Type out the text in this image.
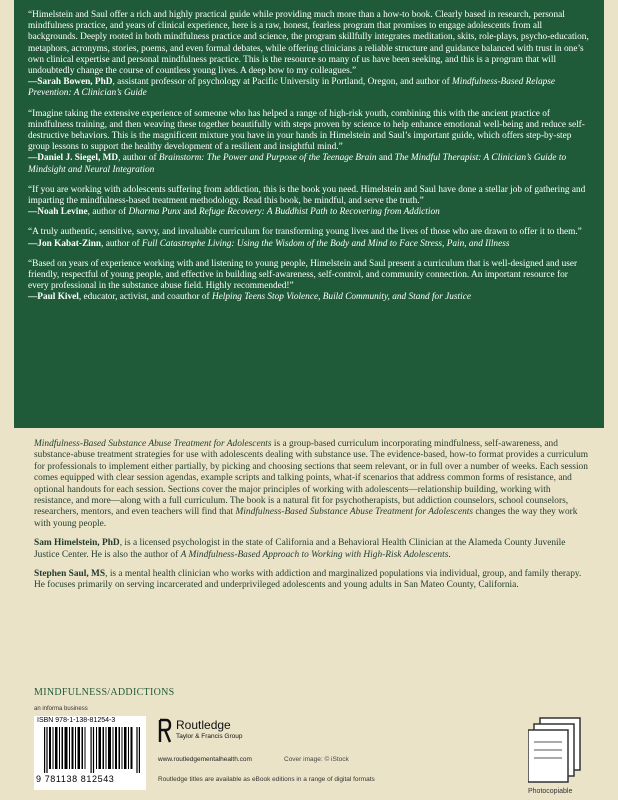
“Himelstein and Saul offer a rich and highly practical guide while providing much more than a how-to book. Clearly based in research, personal mindfulness practice, and years of clinical experience, here is a raw, honest, fearless program that promises to engage adolescents from all backgrounds. Deeply rooted in both mindfulness practice and science, the program skillfully integrates meditation, skits, role-plays, psycho-education, metaphors, acronyms, stories, poems, and even formal debates, while offering clinicians a reliable structure and guidance balanced with trust in one’s own clinical expertise and personal mindfulness practice. This is the resource so many of us have been seeking, and this is a program that will undoubtedly change the course of countless young lives. A deep bow to my colleagues.”
—Sarah Bowen, PhD, assistant professor of psychology at Pacific University in Portland, Oregon, and author of Mindfulness-Based Relapse Prevention: A Clinician’s Guide
“Imagine taking the extensive experience of someone who has helped a range of high-risk youth, combining this with the ancient practice of mindfulness training, and then weaving these together beautifully with steps proven by science to help enhance emotional well-being and reduce self-destructive behaviors. This is the magnificent mixture you have in your hands in Himelstein and Saul’s important guide, which offers step-by-step group lessons to support the healthy development of a resilient and insightful mind.”
—Daniel J. Siegel, MD, author of Brainstorm: The Power and Purpose of the Teenage Brain and The Mindful Therapist: A Clinician’s Guide to Mindsight and Neural Integration
“If you are working with adolescents suffering from addiction, this is the book you need. Himelstein and Saul have done a stellar job of gathering and imparting the mindfulness-based treatment methodology. Read this book, be mindful, and serve the truth.”
—Noah Levine, author of Dharma Punx and Refuge Recovery: A Buddhist Path to Recovering from Addiction
“A truly authentic, sensitive, savvy, and invaluable curriculum for transforming young lives and the lives of those who are drawn to offer it to them.”
—Jon Kabat-Zinn, author of Full Catastrophe Living: Using the Wisdom of the Body and Mind to Face Stress, Pain, and Illness
“Based on years of experience working with and listening to young people, Himelstein and Saul present a curriculum that is well-designed and user friendly, respectful of young people, and effective in building self-awareness, self-control, and community connection. An important resource for every professional in the substance abuse field. Highly recommended!”
—Paul Kivel, educator, activist, and coauthor of Helping Teens Stop Violence, Build Community, and Stand for Justice

Mindfulness-Based Substance Abuse Treatment for Adolescents is a group-based curriculum incorporating mindfulness, self-awareness, and substance-abuse treatment strategies for use with adolescents dealing with substance use. The evidence-based, how-to format provides a curriculum for professionals to implement either partially, by picking and choosing sections that seem relevant, or in full over a number of weeks. Each session comes equipped with clear session agendas, example scripts and talking points, what-if scenarios that address common forms of resistance, and optional handouts for each session. Sections cover the major principles of working with adolescents—relationship building, working with resistance, and more—along with a full curriculum. The book is a natural fit for psychotherapists, but addiction counselors, school counselors, researchers, mentors, and even teachers will find that Mindfulness-Based Substance Abuse Treatment for Adolescents changes the way they work with young people.

Sam Himelstein, PhD, is a licensed psychologist in the state of California and a Behavioral Health Clinician at the Alameda County Juvenile Justice Center. He is also the author of A Mindfulness-Based Approach to Working with High-Risk Adolescents.

Stephen Saul, MS, is a mental health clinician who works with addiction and marginalized populations via individual, group, and family therapy. He focuses primarily on serving incarcerated and underprivileged adolescents and young adults in San Mateo County, California.

MINDFULNESS/ADDICTIONS
an informa business
ISBN 978-1-138-81254-3
9 781138 812543
Routledge
Taylor & Francis Group
www.routledgementalhealth.com	Cover image: © iStock
Routledge titles are available as eBook editions in a range of digital formats
Photocopiable
